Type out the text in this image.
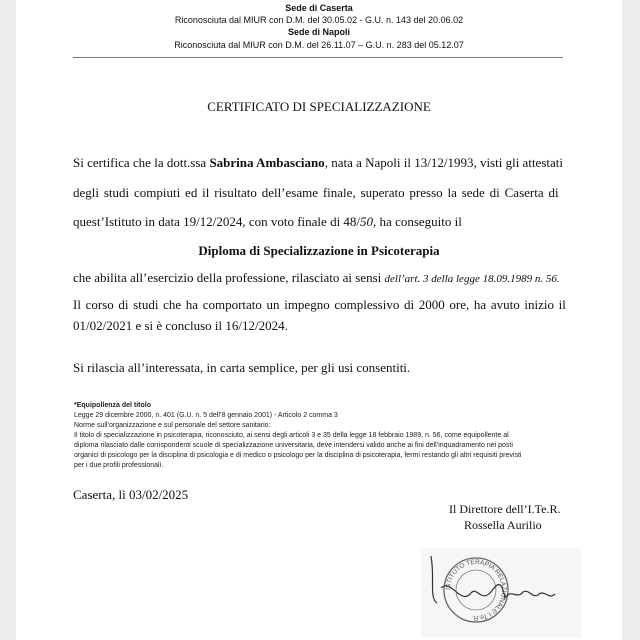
Sede di Caserta
Riconosciuta dal MIUR con D.M. del 30.05.02 - G.U. n. 143 del 20.06.02
Sede di Napoli
Riconosciuta dal MIUR con D.M. del 26.11.07 – G.U. n. 283 del 05.12.07
CERTIFICATO DI SPECIALIZZAZIONE
Si certifica che la dott.ssa Sabrina Ambasciano, nata a Napoli il 13/12/1993, visti gli attestati
degli studi compiuti ed il risultato dell’esame finale, superato presso la sede di Caserta di
quest’Istituto in data 19/12/2024, con voto finale di 48/50, ha conseguito il
Diploma di Specializzazione in Psicoterapia
che abilita all’esercizio della professione, rilasciato ai sensi dell’art. 3 della legge 18.09.1989 n. 56.
Il corso di studi che ha comportato un impegno complessivo di 2000 ore, ha avuto inizio il
01/02/2021 e si è concluso il 16/12/2024.
Si rilascia all’interessata, in carta semplice, per gli usi consentiti.
*Equipollenza del titolo
Legge 29 dicembre 2000, n. 401 (G.U. n. 5 dell’8 gennaio 2001) - Articolo 2 comma 3
Norme sull’organizzazione e sul personale del settore sanitario:
Il titolo di specializzazione in psicoterapia, riconosciuto, ai sensi degli articoli 3 e 35 della legge 18 febbraio 1989, n. 56, come equipollente al
diploma rilasciato dalle corrispondenti scuole di specializzazione universitaria, deve intendersi valido anche ai fini dell’inquadramento nei posti
organici di psicologo per la disciplina di psicologia e di medico o psicologo per la disciplina di psicoterapia, fermi restando gli altri requisiti previsti
per i due profili professionali.
Caserta, lì 03/02/2025
Il Direttore dell’I.Te.R.
Rossella Aurilio
ISTITUTO TERAPIA RELAZIONALE I.Te.R.
